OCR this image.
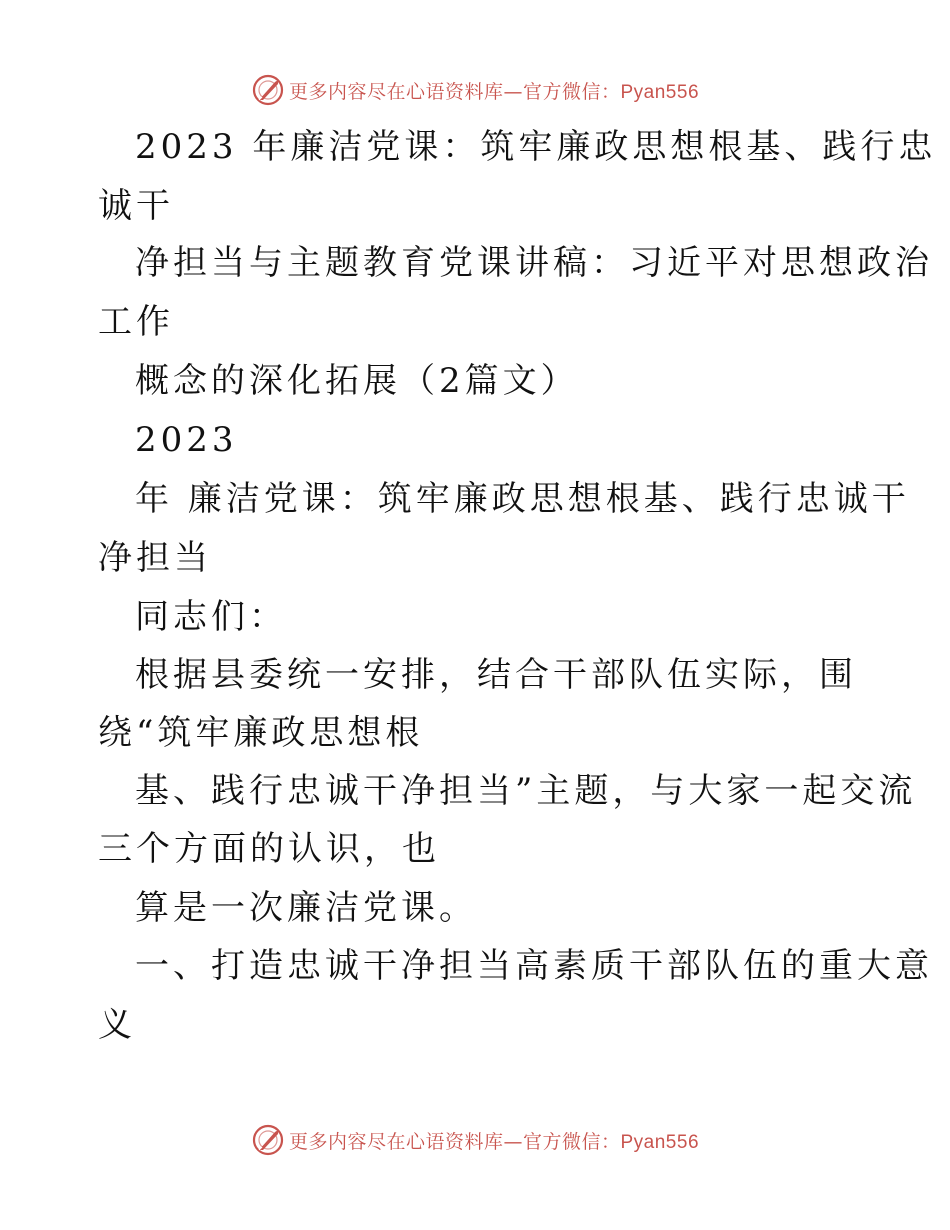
更多内容尽在心语资料库—官方微信：Pyan556
2023 年廉洁党课：筑牢廉政思想根基、践行忠
诚干
净担当与主题教育党课讲稿：习近平对思想政治
工作
概念的深化拓展（2篇文）
2023
年 廉洁党课：筑牢廉政思想根基、践行忠诚干
净担当
同志们：
根据县委统一安排，结合干部队伍实际，围
绕“筑牢廉政思想根
基、践行忠诚干净担当”主题，与大家一起交流
三个方面的认识，也
算是一次廉洁党课。
一、打造忠诚干净担当高素质干部队伍的重大意
义
更多内容尽在心语资料库—官方微信：Pyan556
